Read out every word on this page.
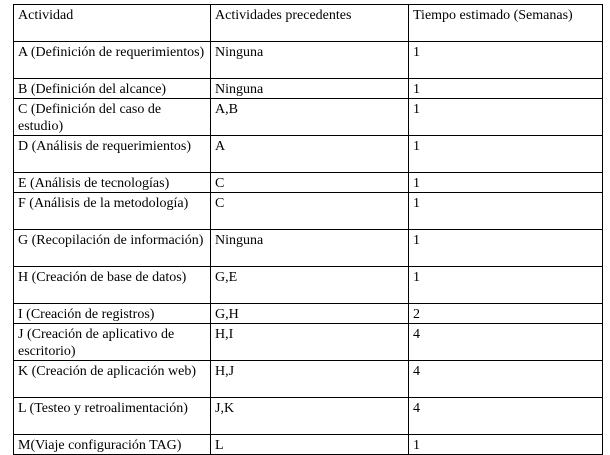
Actividad	Actividades precedentes	Tiempo estimado (Semanas)
A (Definición de requerimientos)	Ninguna	1
B (Definición del alcance)	Ninguna	1
C (Definición del caso de estudio)	A,B	1
D (Análisis de requerimientos)	A	1
E (Análisis de tecnologías)	C	1
F (Análisis de la metodología)	C	1
G (Recopilación de información)	Ninguna	1
H (Creación de base de datos)	G,E	1
I (Creación de registros)	G,H	2
J (Creación de aplicativo de escritorio)	H,I	4
K (Creación de aplicación web)	H,J	4
L (Testeo y retroalimentación)	J,K	4
M(Viaje configuración TAG)	L	1
